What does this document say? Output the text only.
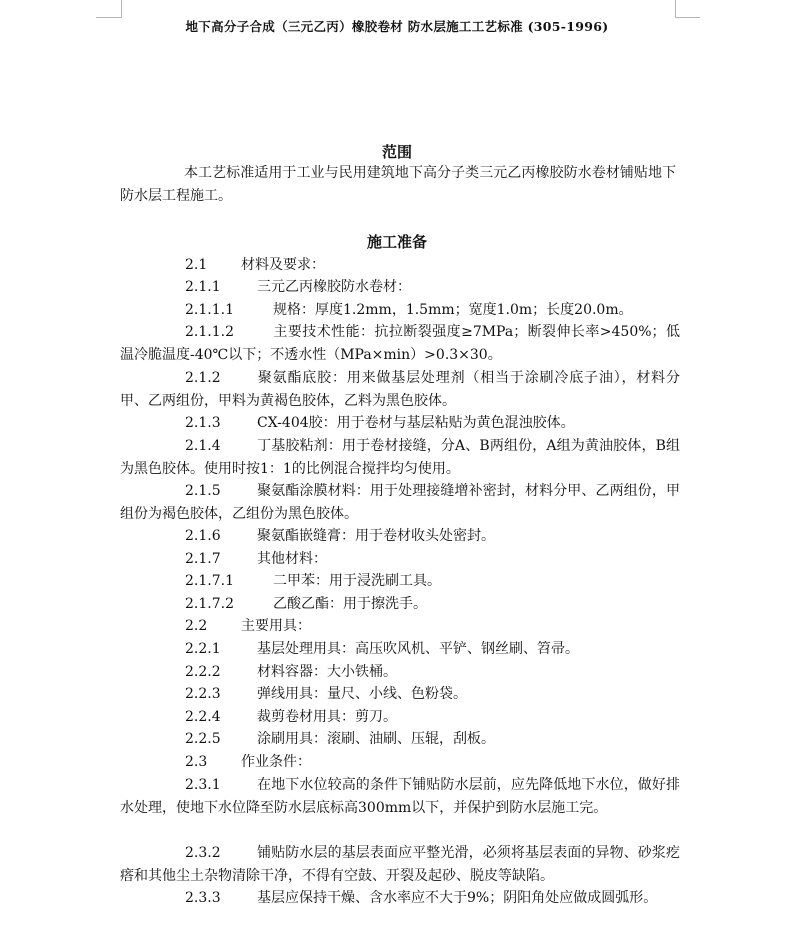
地下高分子合成（三元乙丙）橡胶卷材 防水层施工工艺标准 (305-1996)
范围

本工艺标准适用于工业与民用建筑地下高分子类三元乙丙橡胶防水卷材铺贴地下防水层工程施工。

施工准备
2.1 材料及要求：
2.1.1	三元乙丙橡胶防水卷材：
2.1.1.1	规格：厚度1.2mm，1.5mm；宽度1.0m；长度20.0m。
2.1.1.2	主要技术性能：抗拉断裂强度≥7MPa；断裂伸长率>450%；低温冷脆温度-40℃以下；不透水性（MPa×min）>0.3×30。
2.1.2	聚氨酯底胶：用来做基层处理剂（相当于涂刷冷底子油），材料分甲、乙两组份，甲料为黄褐色胶体，乙料为黑色胶体。
2.1.3	CX-404胶：用于卷材与基层粘贴为黄色混浊胶体。
2.1.4	丁基胶粘剂：用于卷材接缝，分A、B两组份，A组为黄油胶体，B组为黑色胶体。使用时按1：1的比例混合搅拌均匀使用。
2.1.5	聚氨酯涂膜材料：用于处理接缝增补密封，材料分甲、乙两组份，甲组份为褐色胶体，乙组份为黑色胶体。
2.1.6	聚氨酯嵌缝膏：用于卷材收头处密封。
2.1.7	其他材料：
2.1.7.1	二甲苯：用于浸洗刷工具。
2.1.7.2	乙酸乙酯：用于擦洗手。
2.2 主要用具：
2.2.1	基层处理用具：高压吹风机、平铲、钢丝刷、笤帚。
2.2.2	材料容器：大小铁桶。
2.2.3	弹线用具：量尺、小线、色粉袋。
2.2.4	裁剪卷材用具：剪刀。
2.2.5	涂刷用具：滚刷、油刷、压辊，刮板。
2.3 作业条件：
2.3.1	在地下水位较高的条件下铺贴防水层前，应先降低地下水位，做好排水处理，使地下水位降至防水层底标高300mm以下，并保护到防水层施工完。
2.3.2	铺贴防水层的基层表面应平整光滑，必须将基层表面的异物、砂浆疙瘩和其他尘土杂物清除干净，不得有空鼓、开裂及起砂、脱皮等缺陷。
2.3.3	基层应保持干燥、含水率应不大于9%；阴阳角处应做成圆弧形。
